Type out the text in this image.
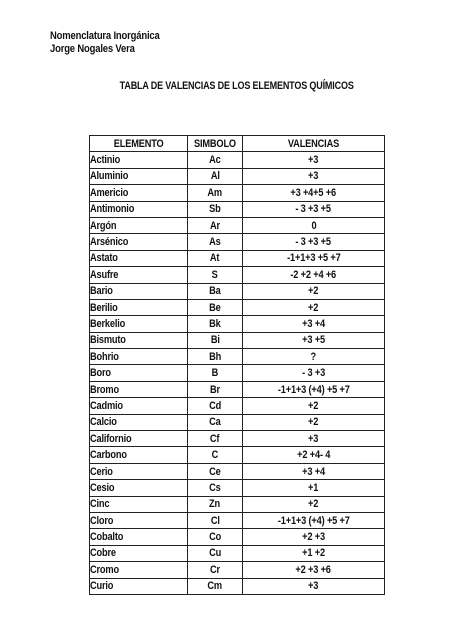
Nomenclatura Inorgánica
Jorge Nogales Vera
TABLA DE VALENCIAS DE LOS ELEMENTOS QUÍMICOS
ELEMENTO	SIMBOLO	VALENCIAS
Actinio	Ac	+3
Aluminio	Al	+3
Americio	Am	+3 +4+5 +6
Antimonio	Sb	- 3 +3 +5
Argón	Ar	0
Arsénico	As	- 3 +3 +5
Astato	At	-1+1+3 +5 +7
Asufre	S	-2 +2 +4 +6
Bario	Ba	+2
Berilio	Be	+2
Berkelio	Bk	+3 +4
Bismuto	Bi	+3 +5
Bohrio	Bh	?
Boro	B	- 3 +3
Bromo	Br	-1+1+3 (+4) +5 +7
Cadmio	Cd	+2
Calcio	Ca	+2
Californio	Cf	+3
Carbono	C	+2 +4- 4
Cerio	Ce	+3 +4
Cesio	Cs	+1
Cinc	Zn	+2
Cloro	Cl	-1+1+3 (+4) +5 +7
Cobalto	Co	+2 +3
Cobre	Cu	+1 +2
Cromo	Cr	+2 +3 +6
Curio	Cm	+3
